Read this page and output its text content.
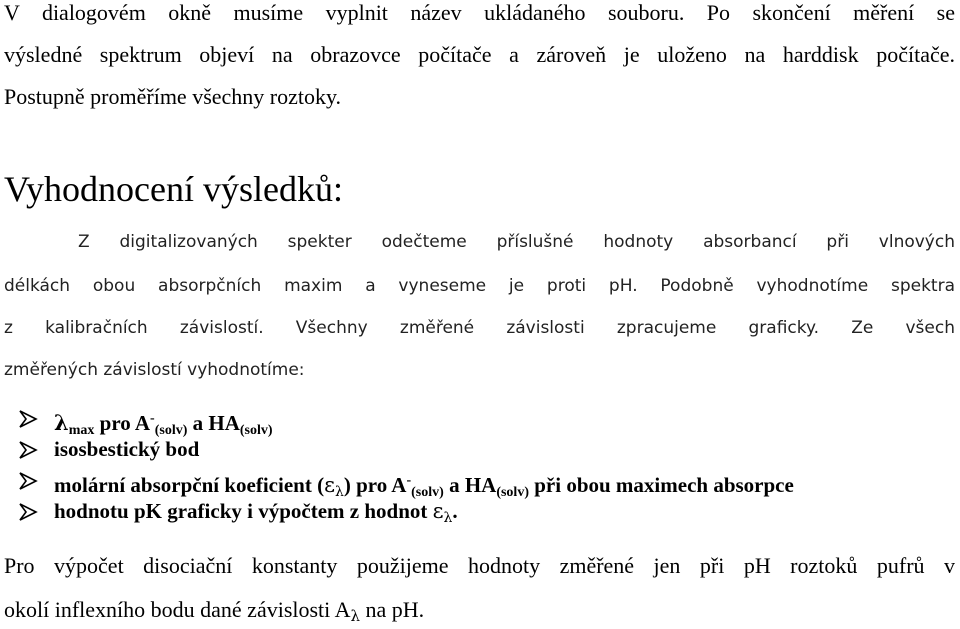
V dialogovém okně musíme vyplnit název ukládaného souboru. Po skončení měření se
výsledné spektrum objeví na obrazovce počítače a zároveň je uloženo na harddisk počítače.
Postupně proměříme všechny roztoky.
Vyhodnocení výsledků:
Z digitalizovaných spekter odečteme příslušné hodnoty absorbancí při vlnových
délkách obou absorpčních maxim a vyneseme je proti pH. Podobně vyhodnotíme spektra
z kalibračních závislostí. Všechny změřené závislosti zpracujeme graficky. Ze všech
změřených závislostí vyhodnotíme:
$\lambda_{max}$ pro $A^-_{(solv)}$ a $HA_{(solv)}$
isosbestický bod
molární absorpční koeficient $(\varepsilon_\lambda)$ pro $A^-_{(solv)}$ a $HA_{(solv)}$ při obou maximech absorpce
hodnotu pK graficky i výpočtem z hodnot $\varepsilon_\lambda$.
Pro výpočet disociační konstanty použijeme hodnoty změřené jen při pH roztoků pufrů v
okolí inflexního bodu dané závislosti $A_\lambda$ na pH.
